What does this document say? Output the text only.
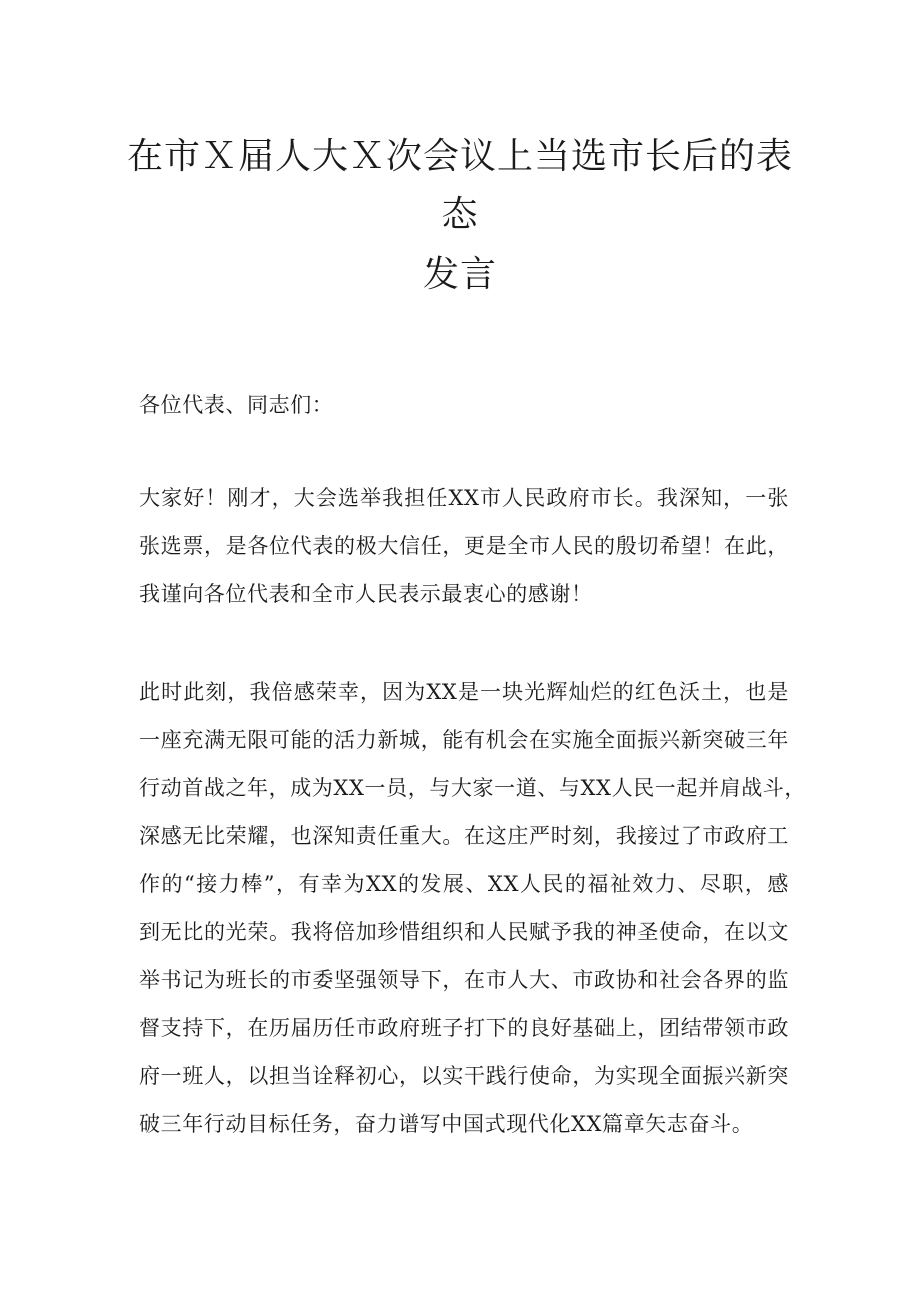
在市Ｘ届人大Ｘ次会议上当选市长后的表
态
发言
各位代表、同志们：
大家好！刚才，大会选举我担任XX市人民政府市长。我深知，一张
张选票，是各位代表的极大信任，更是全市人民的殷切希望！在此，
我谨向各位代表和全市人民表示最衷心的感谢！
此时此刻，我倍感荣幸，因为XX是一块光辉灿烂的红色沃土，也是
一座充满无限可能的活力新城，能有机会在实施全面振兴新突破三年
行动首战之年，成为XX一员，与大家一道、与XX人民一起并肩战斗，
深感无比荣耀，也深知责任重大。在这庄严时刻，我接过了市政府工
作的“接力棒”，有幸为XX的发展、XX人民的福祉效力、尽职，感
到无比的光荣。我将倍加珍惜组织和人民赋予我的神圣使命，在以文
举书记为班长的市委坚强领导下，在市人大、市政协和社会各界的监
督支持下，在历届历任市政府班子打下的良好基础上，团结带领市政
府一班人，以担当诠释初心，以实干践行使命，为实现全面振兴新突
破三年行动目标任务，奋力谱写中国式现代化XX篇章矢志奋斗。
